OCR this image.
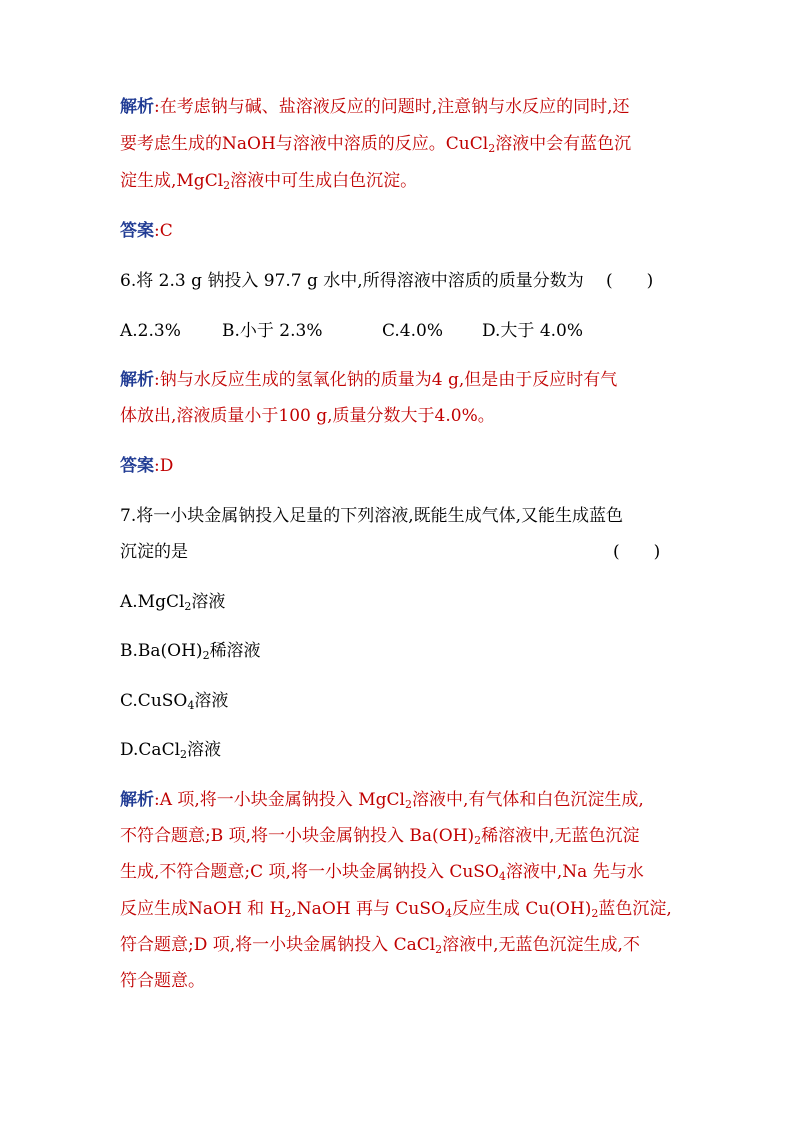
解析:在考虑钠与碱、盐溶液反应的问题时,注意钠与水反应的同时,还
要考虑生成的NaOH与溶液中溶质的反应。CuCl$_2$溶液中会有蓝色沉
淀生成,MgCl$_2$溶液中可生成白色沉淀。
答案:C
6.将 2.3 g 钠投入 97.7 g 水中,所得溶液中溶质的质量分数为 (　　)
A.2.3% B.小于 2.3%	C.4.0% D.大于 4.0%
解析:钠与水反应生成的氢氧化钠的质量为4 g,但是由于反应时有气
体放出,溶液质量小于100 g,质量分数大于4.0%。
答案:D
7.将一小块金属钠投入足量的下列溶液,既能生成气体,又能生成蓝色
沉淀的是	(　　)
A.MgCl$_2$溶液
$B.Ba(OH)_2$稀溶液
C.CuSO$_4$溶液
D.CaCl$_2$溶液
解析:A 项,将一小块金属钠投入 MgCl$_2$溶液中,有气体和白色沉淀生成,
不符合题意;B 项,将一小块金属钠投入 $Ba(OH)_2$稀溶液中,无蓝色沉淀
生成,不符合题意;C 项,将一小块金属钠投入 CuSO$_4$溶液中,Na 先与水
反应生成NaOH 和 $H_2,NaOH$ 再与 CuSO$_4$反应生成 $Cu(OH)_2$蓝色沉淀,
符合题意;D 项,将一小块金属钠投入 CaCl$_2$溶液中,无蓝色沉淀生成,不
符合题意。
